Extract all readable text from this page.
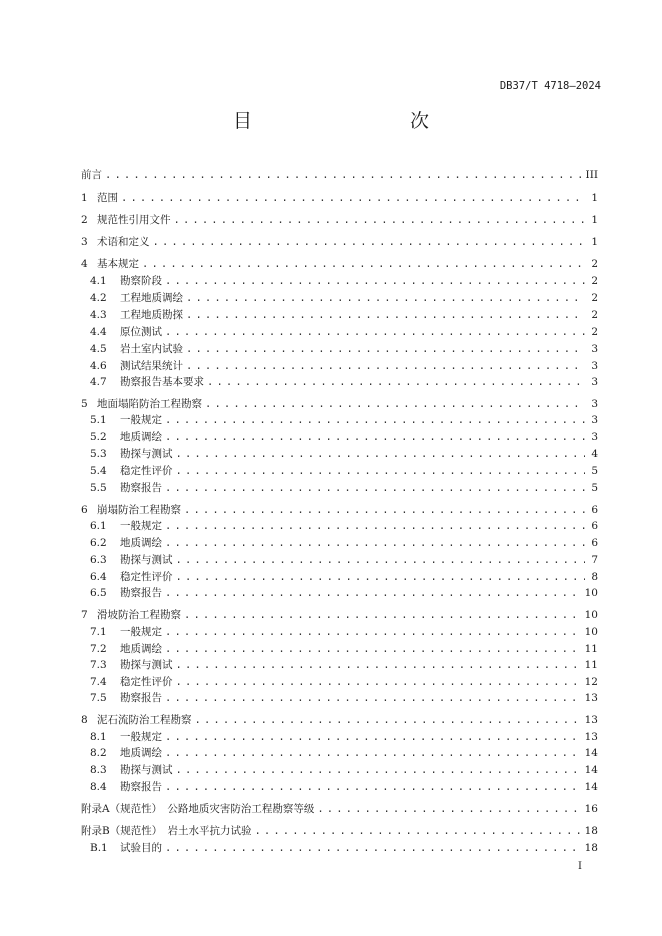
DB37/T 4718—2024
目　　次
前言 . . .	III
1 范围 . . .	1
2 规范性引用文件 . . .	1
3 术语和定义 . . .	1
4 基本规定 . . .	2
4.1	勘察阶段 . . .	2
4.2	工程地质调绘 . . .	2
4.3	工程地质勘探 . . .	2
4.4	原位测试 . . .	2
4.5	岩土室内试验 . . .	3
4.6	测试结果统计 . . .	3
4.7	勘察报告基本要求 . . .	3
5 地面塌陷防治工程勘察 . . .	3
5.1	一般规定 . . .	3
5.2	地质调绘 . . .	3
5.3	勘探与测试 . . .	4
5.4	稳定性评价 . . .	5
5.5	勘察报告 . . .	5
6 崩塌防治工程勘察 . . .	6
6.1	一般规定 . . .	6
6.2	地质调绘 . . .	6
6.3	勘探与测试 . . .	7
6.4	稳定性评价 . . .	8
6.5	勘察报告 . . .	10
7 滑坡防治工程勘察 . . .	10
7.1	一般规定 . . .	10
7.2	地质调绘 . . .	11
7.3	勘探与测试 . . .	11
7.4	稳定性评价 . . .	12
7.5	勘察报告 . . .	13
8 泥石流防治工程勘察 . . .	13
8.1	一般规定 . . .	13
8.2	地质调绘 . . .	14
8.3	勘探与测试 . . .	14
8.4	勘察报告 . . .	14
附录A（规范性）　公路地质灾害防治工程勘察等级 . . .	16
附录B（规范性）　岩土水平抗力试验 . . .	18
B.1	试验目的 . . .	18
I
